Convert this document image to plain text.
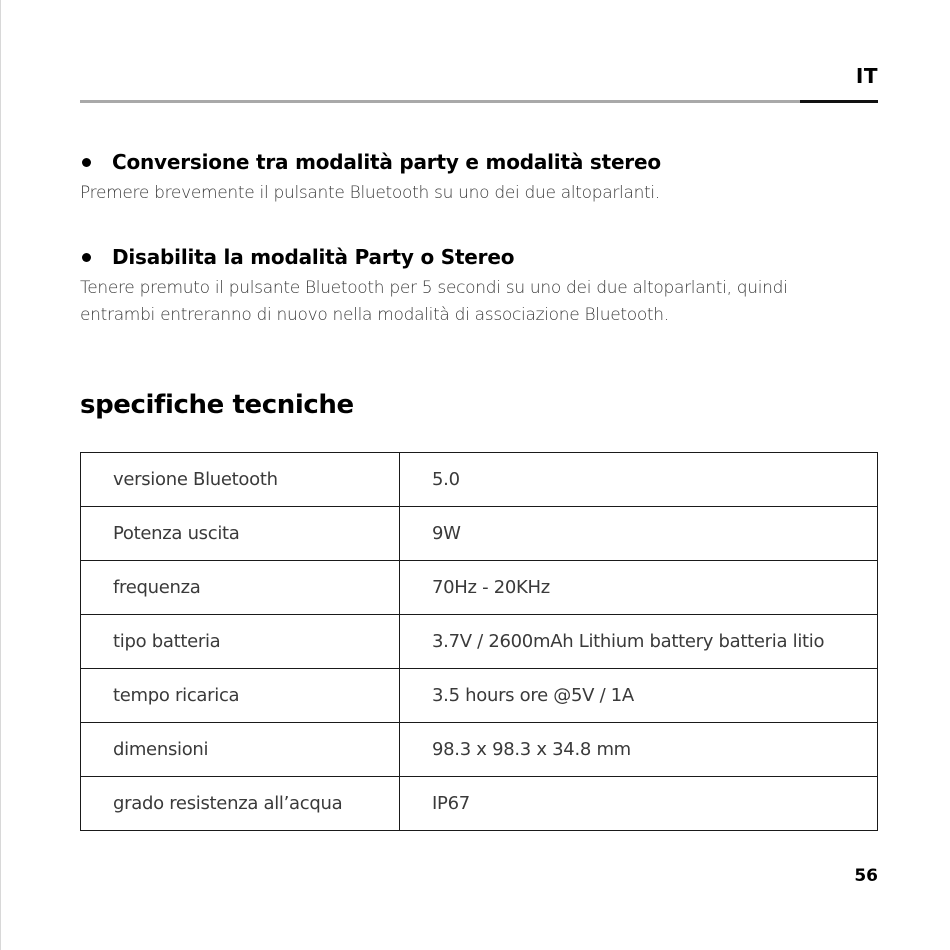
IT
Conversione tra modalità party e modalità stereo
Premere brevemente il pulsante Bluetooth su uno dei due altoparlanti.
Disabilita la modalità Party o Stereo
Tenere premuto il pulsante Bluetooth per 5 secondi su uno dei due altoparlanti, quindi
entrambi entreranno di nuovo nella modalità di associazione Bluetooth.
specifiche tecniche
versione Bluetooth	5.0
Potenza uscita	9W
frequenza	70Hz - 20KHz
tipo batteria	3.7V / 2600mAh Lithium battery batteria litio
tempo ricarica	3.5 hours ore @5V / 1A
dimensioni	98.3 x 98.3 x 34.8 mm
grado resistenza all’acqua	IP67
56
